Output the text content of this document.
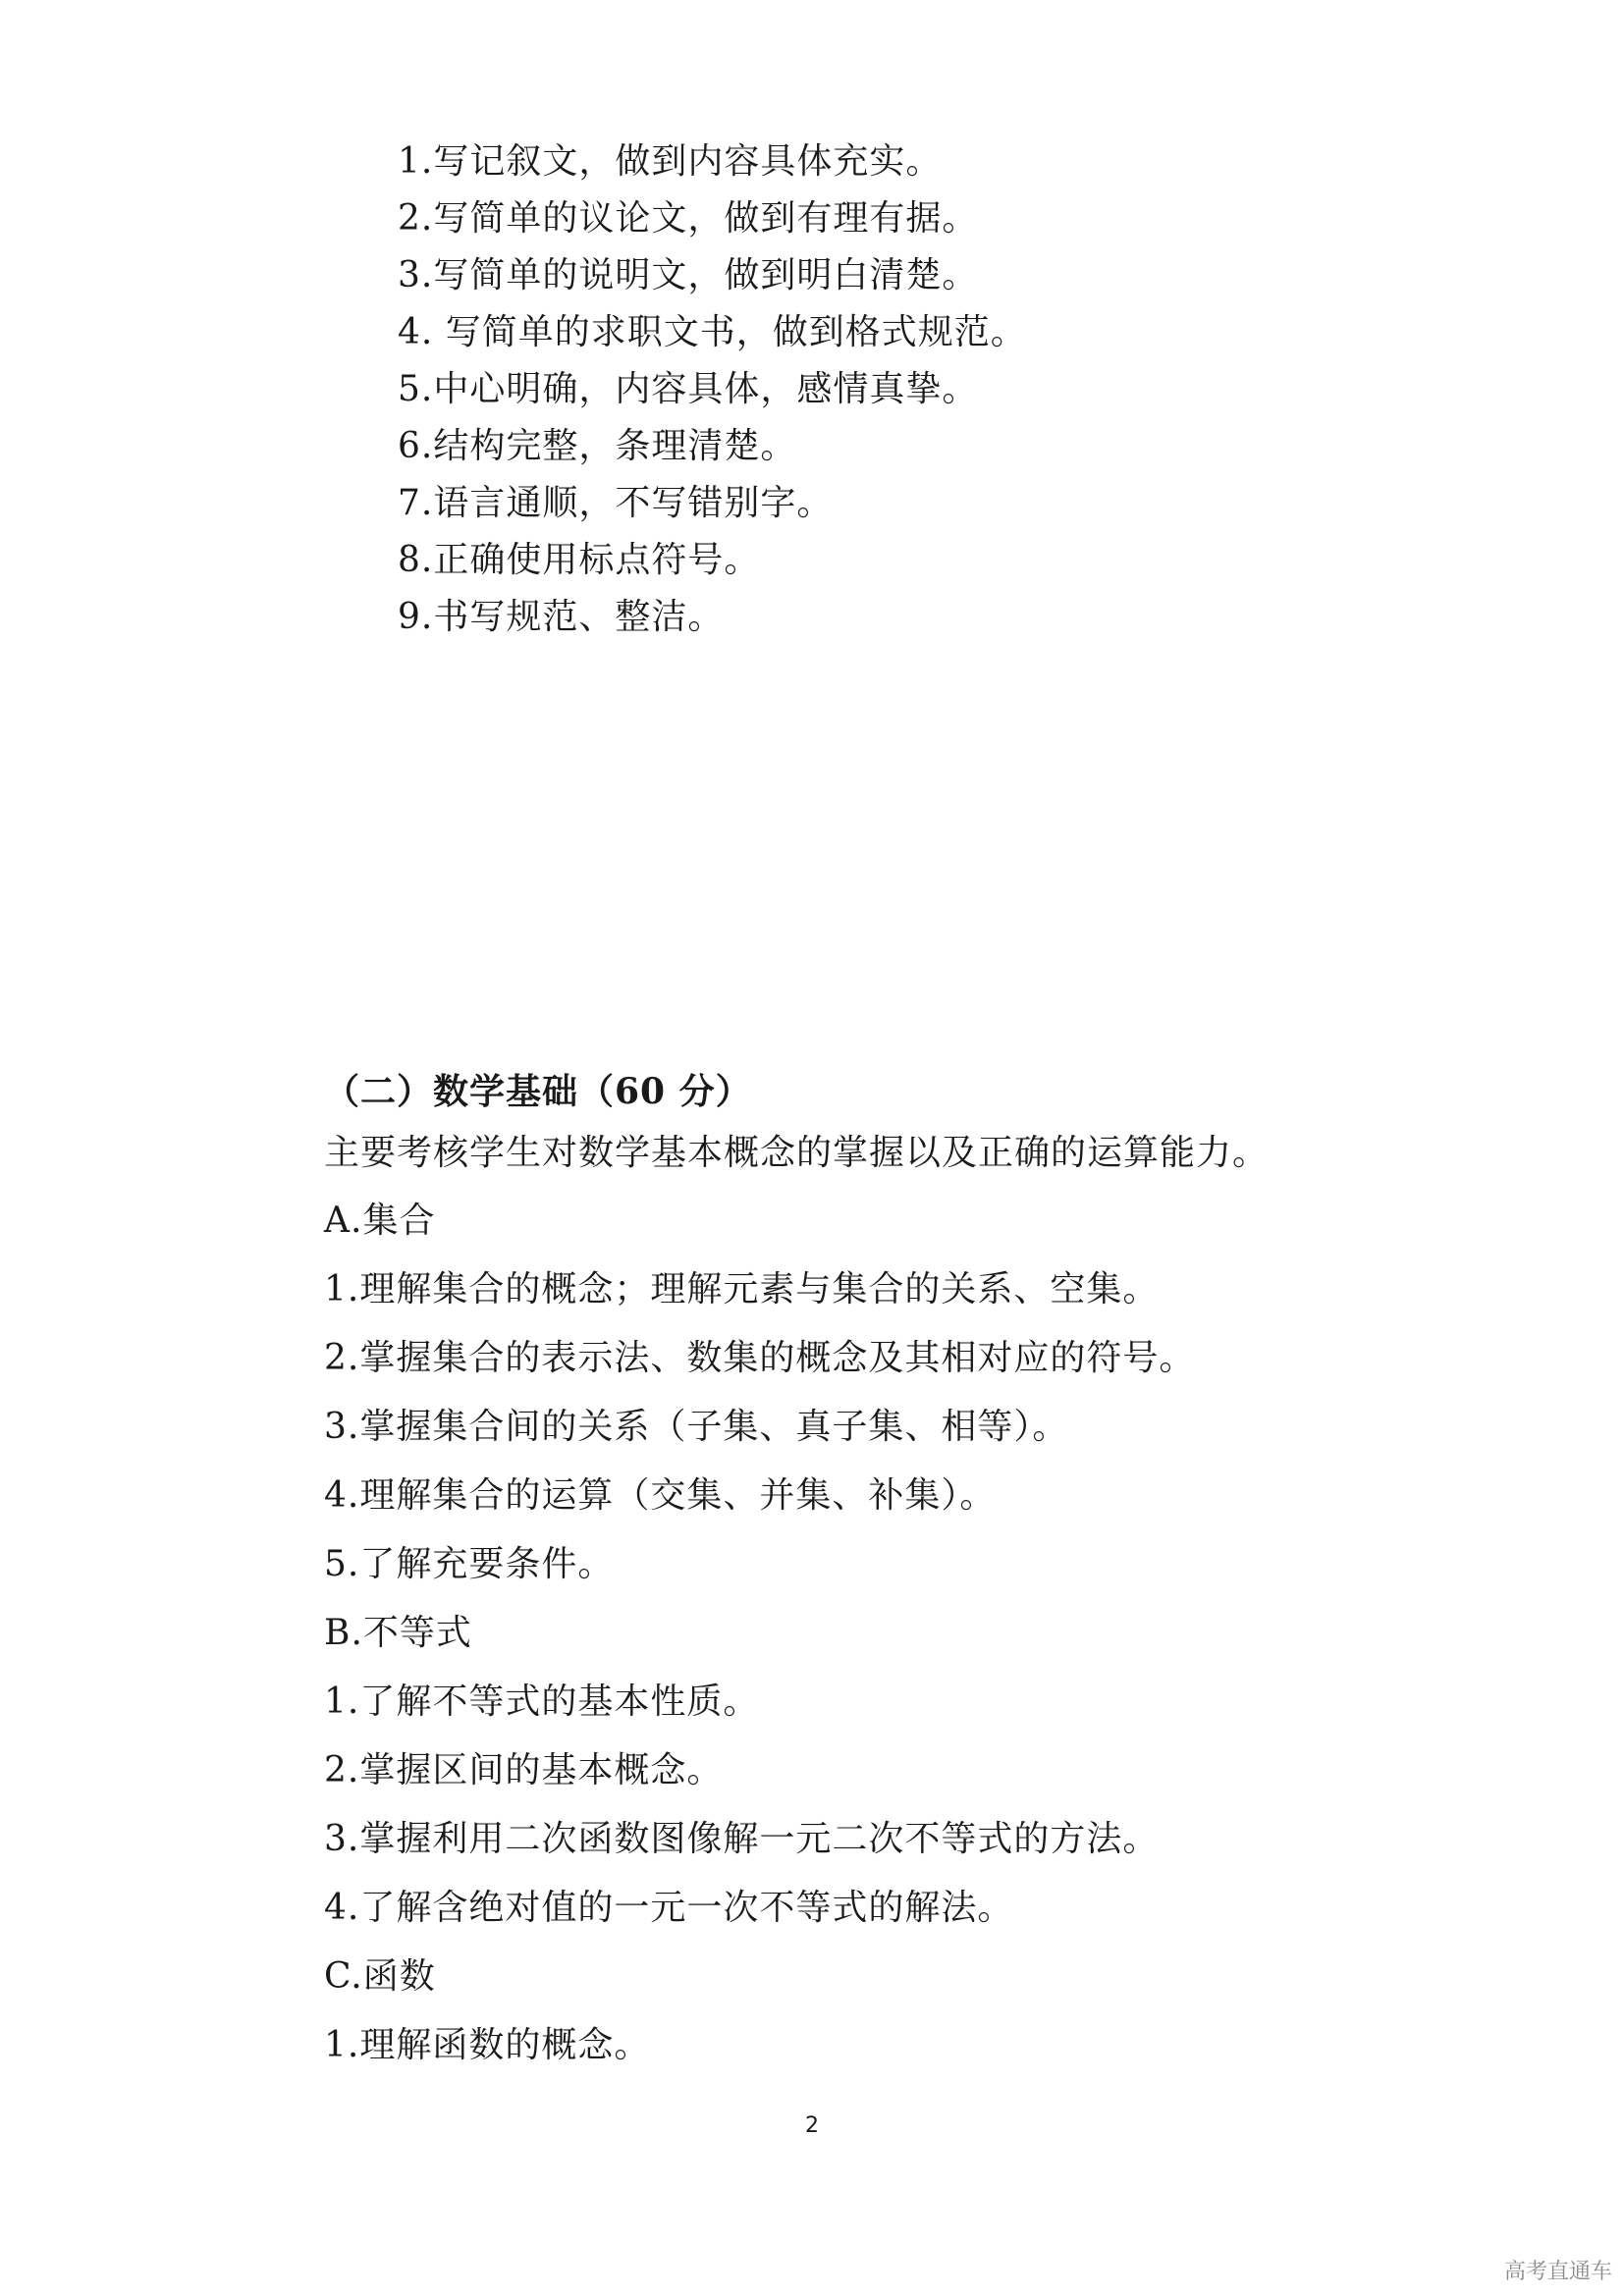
1.写记叙文，做到内容具体充实。
2.写简单的议论文，做到有理有据。
3.写简单的说明文，做到明白清楚。
4. 写简单的求职文书，做到格式规范。
5.中心明确，内容具体，感情真挚。
6.结构完整，条理清楚。
7.语言通顺，不写错别字。
8.正确使用标点符号。
9.书写规范、整洁。
（二）数学基础（60 分）
主要考核学生对数学基本概念的掌握以及正确的运算能力。
A.集合
1.理解集合的概念；理解元素与集合的关系、空集。
2.掌握集合的表示法、数集的概念及其相对应的符号。
3.掌握集合间的关系（子集、真子集、相等）。
4.理解集合的运算（交集、并集、补集）。
5.了解充要条件。
B.不等式
1.了解不等式的基本性质。
2.掌握区间的基本概念。
3.掌握利用二次函数图像解一元二次不等式的方法。
4.了解含绝对值的一元一次不等式的解法。
C.函数
1.理解函数的概念。
2
高考直通车
